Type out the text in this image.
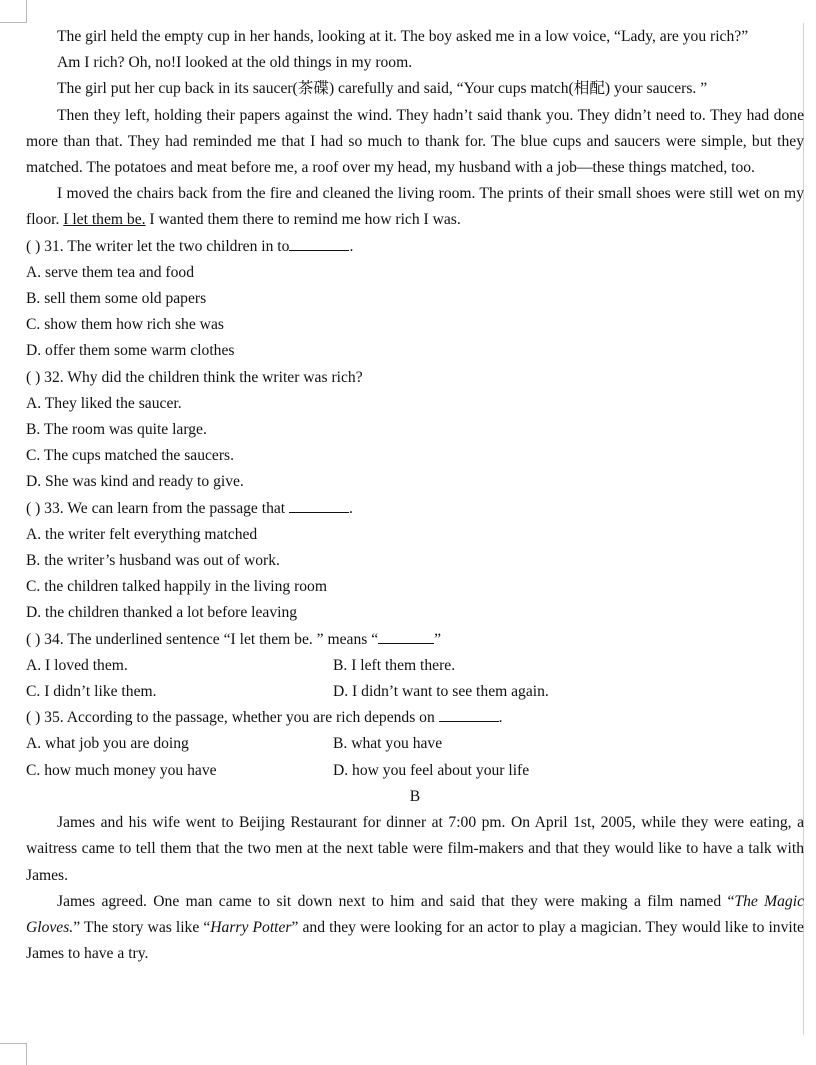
The girl held the empty cup in her hands, looking at it. The boy asked me in a low voice, “Lady, are you rich?”

Am I rich? Oh, no!I looked at the old things in my room.

The girl put her cup back in its saucer(茶碟) carefully and said, “Your cups match(相配) your saucers. ”

Then they left, holding their papers against the wind. They hadn’t said thank you. They didn’t need to. They had done more than that. They had reminded me that I had so much to thank for. The blue cups and saucers were simple, but they matched. The potatoes and meat before me, a roof over my head, my husband with a job—these things matched, too.

I moved the chairs back from the fire and cleaned the living room. The prints of their small shoes were still wet on my floor. I let them be. I wanted them there to remind me how rich I was.

( ) 31. The writer let the two children in to	.

A. serve them tea and food

B. sell them some old papers

C. show them how rich she was

D. offer them some warm clothes

( ) 32. Why did the children think the writer was rich?

A. They liked the saucer.

B. The room was quite large.

C. The cups matched the saucers.

D. She was kind and ready to give.

( ) 33. We can learn from the passage that	.

A. the writer felt everything matched

B. the writer’s husband was out of work.

C. the children talked happily in the living room

D. the children thanked a lot before leaving

( ) 34. The underlined sentence “I let them be. ” means “	”

A. I loved them.	B. I left them there.
C. I didn’t like them.	D. I didn’t want to see them again.

( ) 35. According to the passage, whether you are rich depends on	.

A. what job you are doing	B. what you have
C. how much money you have	D. how you feel about your life

B

James and his wife went to Beijing Restaurant for dinner at 7:00 pm. On April 1st, 2005, while they were eating, a waitress came to tell them that the two men at the next table were film-makers and that they would like to have a talk with James.

James agreed. One man came to sit down next to him and said that they were making a film named “The Magic Gloves.” The story was like “Harry Potter” and they were looking for an actor to play a magician. They would like to invite James to have a try.
